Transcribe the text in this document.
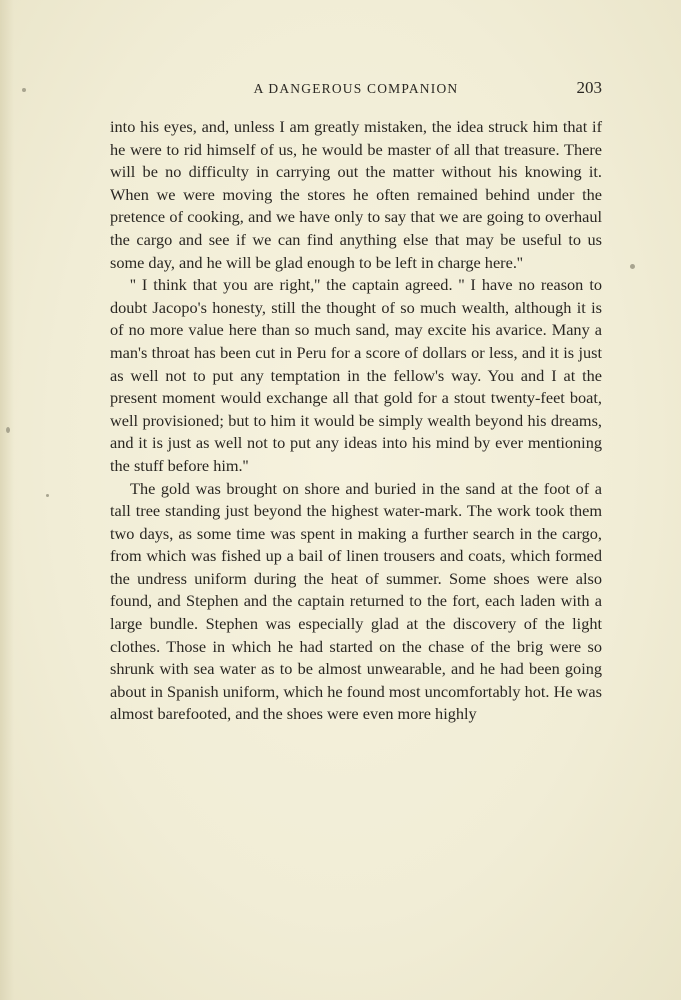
A DANGEROUS COMPANION	203

into his eyes, and, unless I am greatly mistaken, the idea struck him that if he were to rid himself of us, he would be master of all that treasure. There will be no difficulty in carrying out the matter without his knowing it. When we were moving the stores he often remained behind under the pretence of cooking, and we have only to say that we are going to overhaul the cargo and see if we can find anything else that may be useful to us some day, and he will be glad enough to be left in charge here.''

'' I think that you are right,'' the captain agreed. '' I have no reason to doubt Jacopo's honesty, still the thought of so much wealth, although it is of no more value here than so much sand, may excite his avarice. Many a man's throat has been cut in Peru for a score of dollars or less, and it is just as well not to put any temptation in the fellow's way. You and I at the present moment would exchange all that gold for a stout twenty-feet boat, well provisioned; but to him it would be simply wealth beyond his dreams, and it is just as well not to put any ideas into his mind by ever mentioning the stuff before him.''

The gold was brought on shore and buried in the sand at the foot of a tall tree standing just beyond the highest water-mark. The work took them two days, as some time was spent in making a further search in the cargo, from which was fished up a bail of linen trousers and coats, which formed the undress uniform during the heat of summer. Some shoes were also found, and Stephen and the captain returned to the fort, each laden with a large bundle. Stephen was especially glad at the discovery of the light clothes. Those in which he had started on the chase of the brig were so shrunk with sea water as to be almost unwearable, and he had been going about in Spanish uniform, which he found most uncomfortably hot. He was almost barefooted, and the shoes were even more highly
